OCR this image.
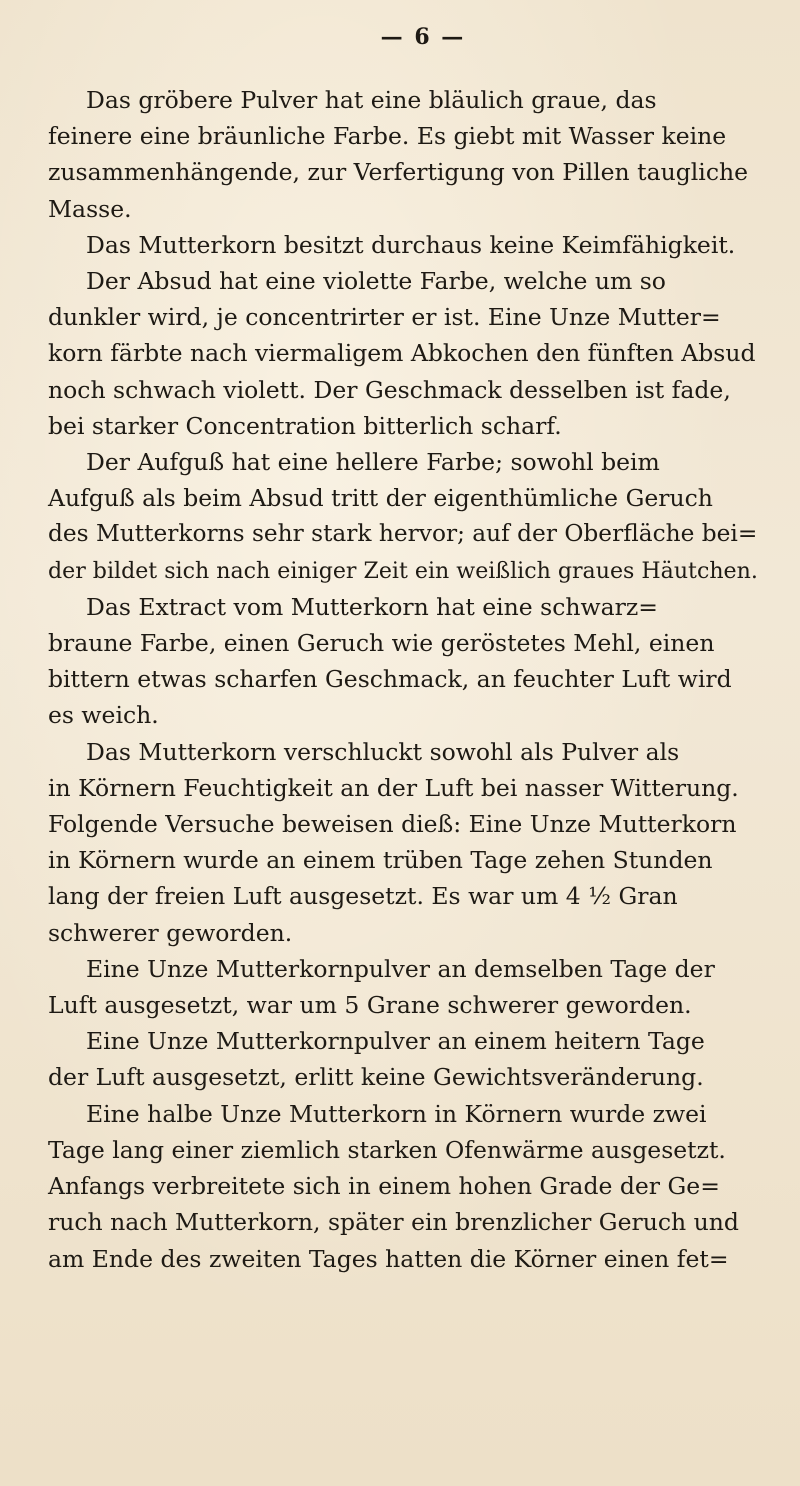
— 6 —

Das gröbere Pulver hat eine bläulich graue, das
feinere eine bräunliche Farbe. Es giebt mit Wasser keine
zusammenhängende, zur Verfertigung von Pillen taugliche
Masse.

Das Mutterkorn besitzt durchaus keine Keimfähigkeit.

Der Absud hat eine violette Farbe, welche um so
dunkler wird, je concentrirter er ist. Eine Unze Mutter=
korn färbte nach viermaligem Abkochen den fünften Absud
noch schwach violett. Der Geschmack desselben ist fade,
bei starker Concentration bitterlich scharf.

Der Aufguß hat eine hellere Farbe; sowohl beim
Aufguß als beim Absud tritt der eigenthümliche Geruch
des Mutterkorns sehr stark hervor; auf der Oberfläche bei=
der bildet sich nach einiger Zeit ein weißlich graues Häutchen.

Das Extract vom Mutterkorn hat eine schwarz=
braune Farbe, einen Geruch wie geröstetes Mehl, einen
bittern etwas scharfen Geschmack, an feuchter Luft wird
es weich.

Das Mutterkorn verschluckt sowohl als Pulver als
in Körnern Feuchtigkeit an der Luft bei nasser Witterung.
Folgende Versuche beweisen dieß: Eine Unze Mutterkorn
in Körnern wurde an einem trüben Tage zehen Stunden
lang der freien Luft ausgesetzt. Es war um 4 ½ Gran
schwerer geworden.

Eine Unze Mutterkornpulver an demselben Tage der
Luft ausgesetzt, war um 5 Grane schwerer geworden.

Eine Unze Mutterkornpulver an einem heitern Tage
der Luft ausgesetzt, erlitt keine Gewichtsveränderung.

Eine halbe Unze Mutterkorn in Körnern wurde zwei
Tage lang einer ziemlich starken Ofenwärme ausgesetzt.
Anfangs verbreitete sich in einem hohen Grade der Ge=
ruch nach Mutterkorn, später ein brenzlicher Geruch und
am Ende des zweiten Tages hatten die Körner einen fet=
